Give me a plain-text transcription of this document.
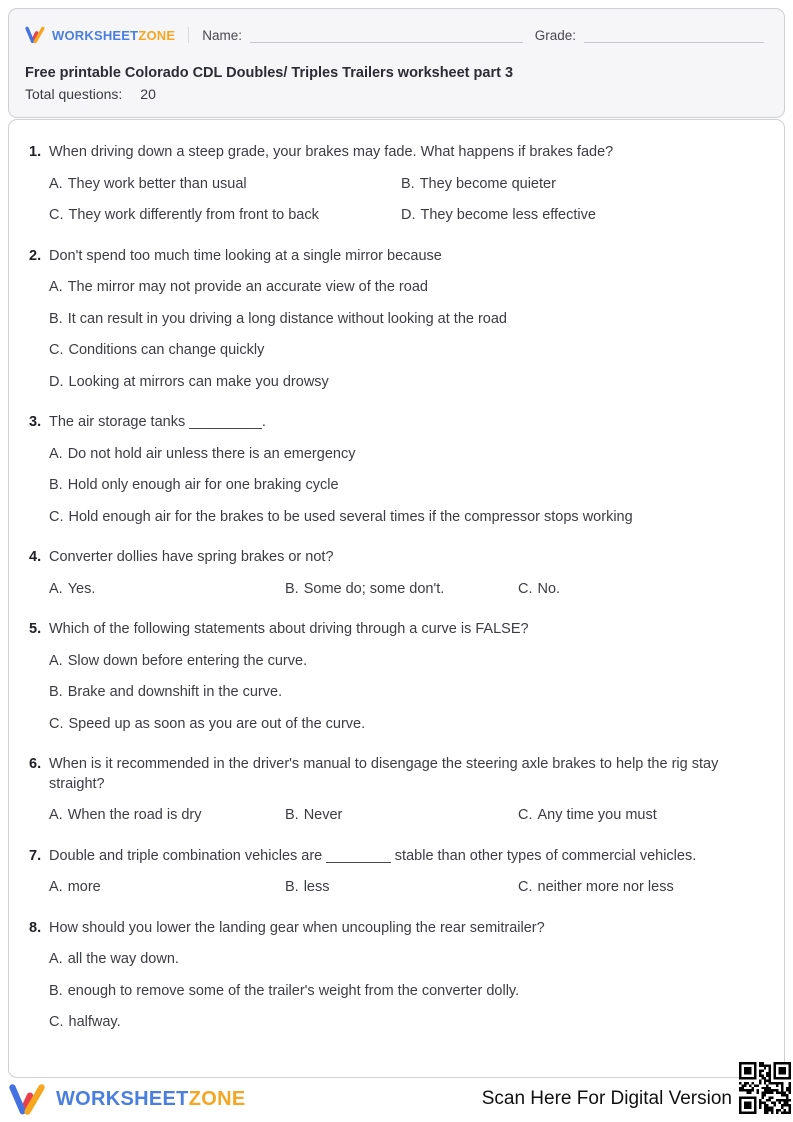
WORKSHEETZONE Name:	Grade:
Free printable Colorado CDL Doubles/ Triples Trailers worksheet part 3
Total questions: 20
1. When driving down a steep grade, your brakes may fade. What happens if brakes fade?
A. They work better than usual	B. They become quieter
C. They work differently from front to back	D. They become less effective
2. Don't spend too much time looking at a single mirror because
A. The mirror may not provide an accurate view of the road
B. It can result in you driving a long distance without looking at the road
C. Conditions can change quickly
D. Looking at mirrors can make you drowsy
3. The air storage tanks _________.
A. Do not hold air unless there is an emergency
B. Hold only enough air for one braking cycle
C. Hold enough air for the brakes to be used several times if the compressor stops working
4. Converter dollies have spring brakes or not?
A. Yes.	B. Some do; some don't.	C. No.
5. Which of the following statements about driving through a curve is FALSE?
A. Slow down before entering the curve.
B. Brake and downshift in the curve.
C. Speed up as soon as you are out of the curve.
6. When is it recommended in the driver's manual to disengage the steering axle brakes to help the rig stay straight?
A. When the road is dry	B. Never	C. Any time you must
7. Double and triple combination vehicles are ________ stable than other types of commercial vehicles.
A. more	B. less	C. neither more nor less
8. How should you lower the landing gear when uncoupling the rear semitrailer?
A. all the way down.
B. enough to remove some of the trailer's weight from the converter dolly.
C. halfway.
WORKSHEETZONE	Scan Here For Digital Version
